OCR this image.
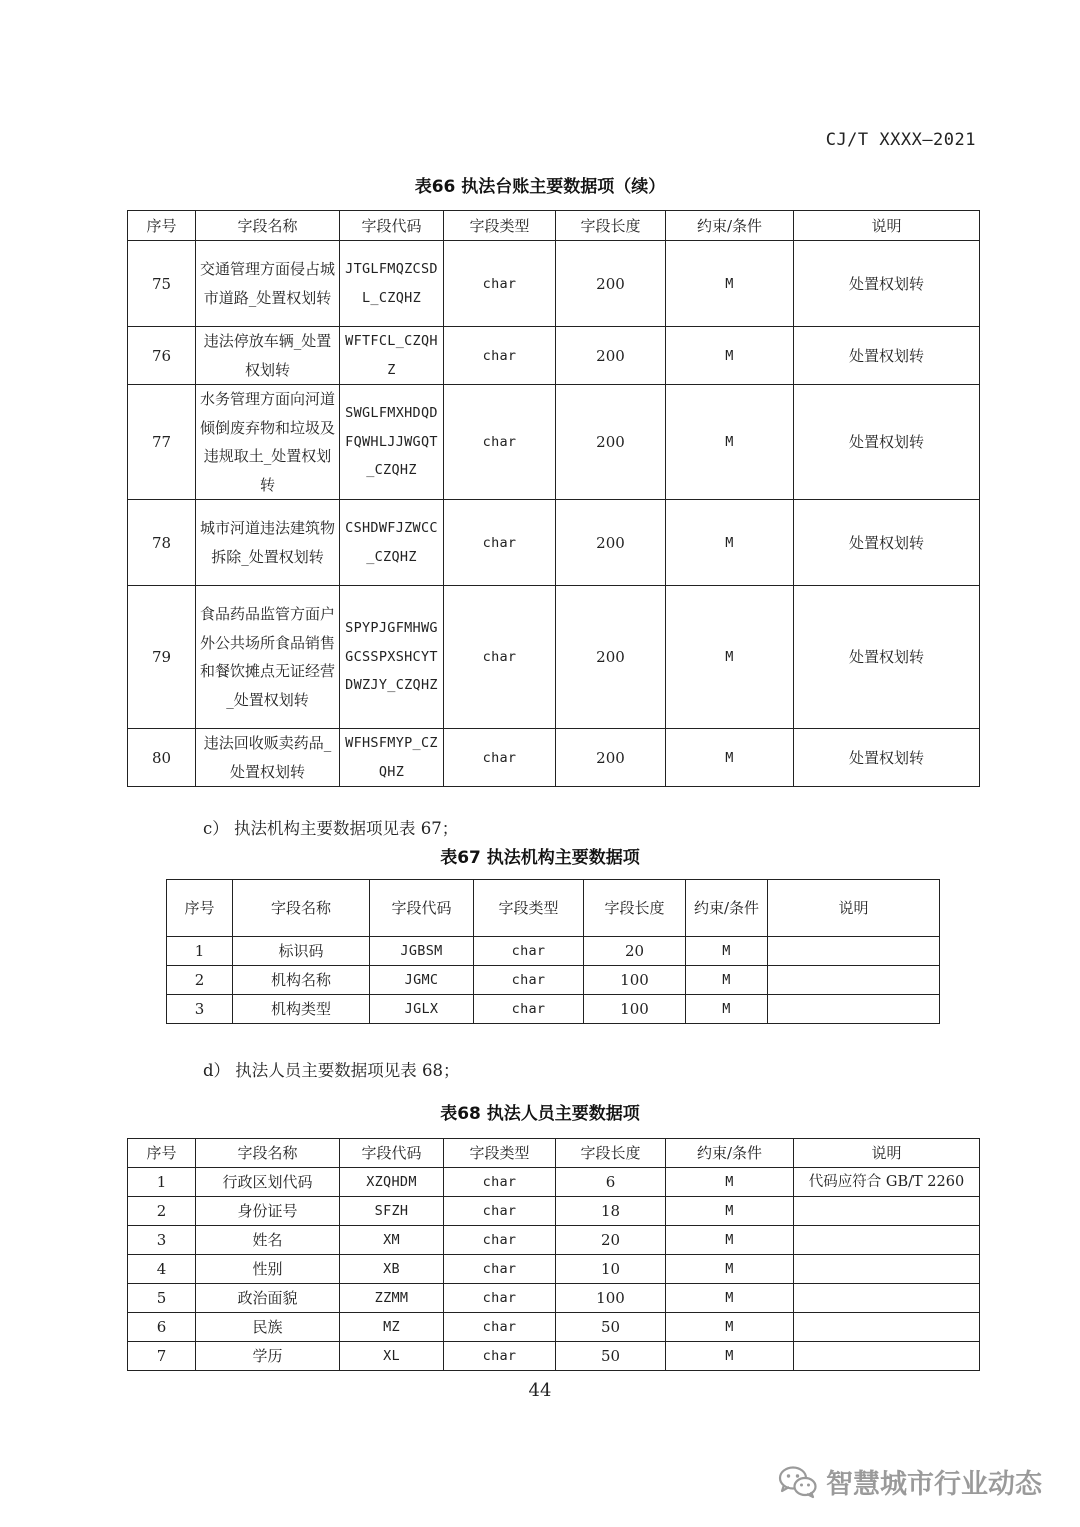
CJ/T XXXX—2021
表66 执法台账主要数据项（续）
序号	字段名称	字段代码	字段类型	字段长度	约束/条件	说明
75	交通管理方面侵占城市道路_处置权划转	JTGLFMQZCSDL_CZQHZ	char	200	M	处置权划转
76	违法停放车辆_处置权划转	WFTFCL_CZQHZ	char	200	M	处置权划转
77	水务管理方面向河道倾倒废弃物和垃圾及违规取土_处置权划转	SWGLFMXHDQDFQWHLJJWGQT_CZQHZ	char	200	M	处置权划转
78	城市河道违法建筑物拆除_处置权划转	CSHDWFJZWCC_CZQHZ	char	200	M	处置权划转
79	食品药品监管方面户外公共场所食品销售和餐饮摊点无证经营_处置权划转	SPYPJGFMHWGGCSSPXSHCYTDWZJY_CZQHZ	char	200	M	处置权划转
80	违法回收贩卖药品_处置权划转	WFHSFMYP_CZQHZ	char	200	M	处置权划转
c） 执法机构主要数据项见表 67；
表67 执法机构主要数据项
序号	字段名称	字段代码	字段类型	字段长度	约束/条件	说明
1	标识码	JGBSM	char	20	M	
2	机构名称	JGMC	char	100	M	
3	机构类型	JGLX	char	100	M	
d） 执法人员主要数据项见表 68；
表68 执法人员主要数据项
序号	字段名称	字段代码	字段类型	字段长度	约束/条件	说明
1	行政区划代码	XZQHDM	char	6	M	代码应符合 GB/T 2260
2	身份证号	SFZH	char	18	M	
3	姓名	XM	char	20	M	
4	性别	XB	char	10	M	
5	政治面貌	ZZMM	char	100	M	
6	民族	MZ	char	50	M	
7	学历	XL	char	50	M	
44
智慧城市行业动态
